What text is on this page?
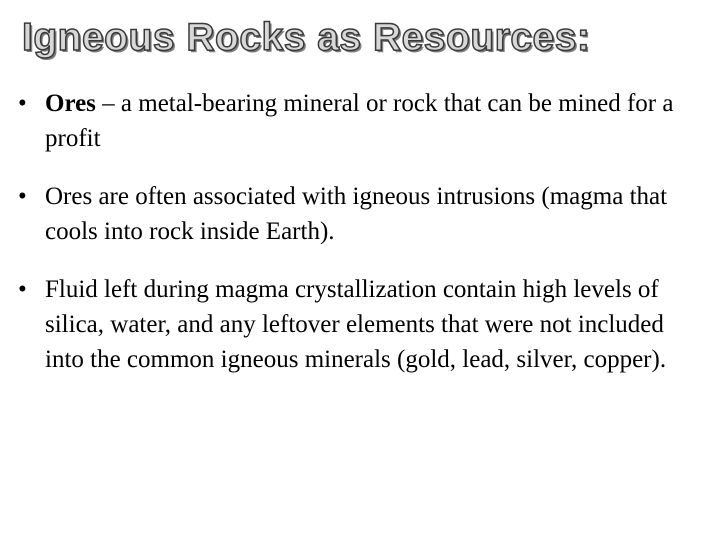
Igneous Rocks as Resources:
• Ores – a metal-bearing mineral or rock that can be mined for a profit
• Ores are often associated with igneous intrusions (magma that cools into rock inside Earth).
• Fluid left during magma crystallization contain high levels of silica, water, and any leftover elements that were not included into the common igneous minerals (gold, lead, silver, copper).
